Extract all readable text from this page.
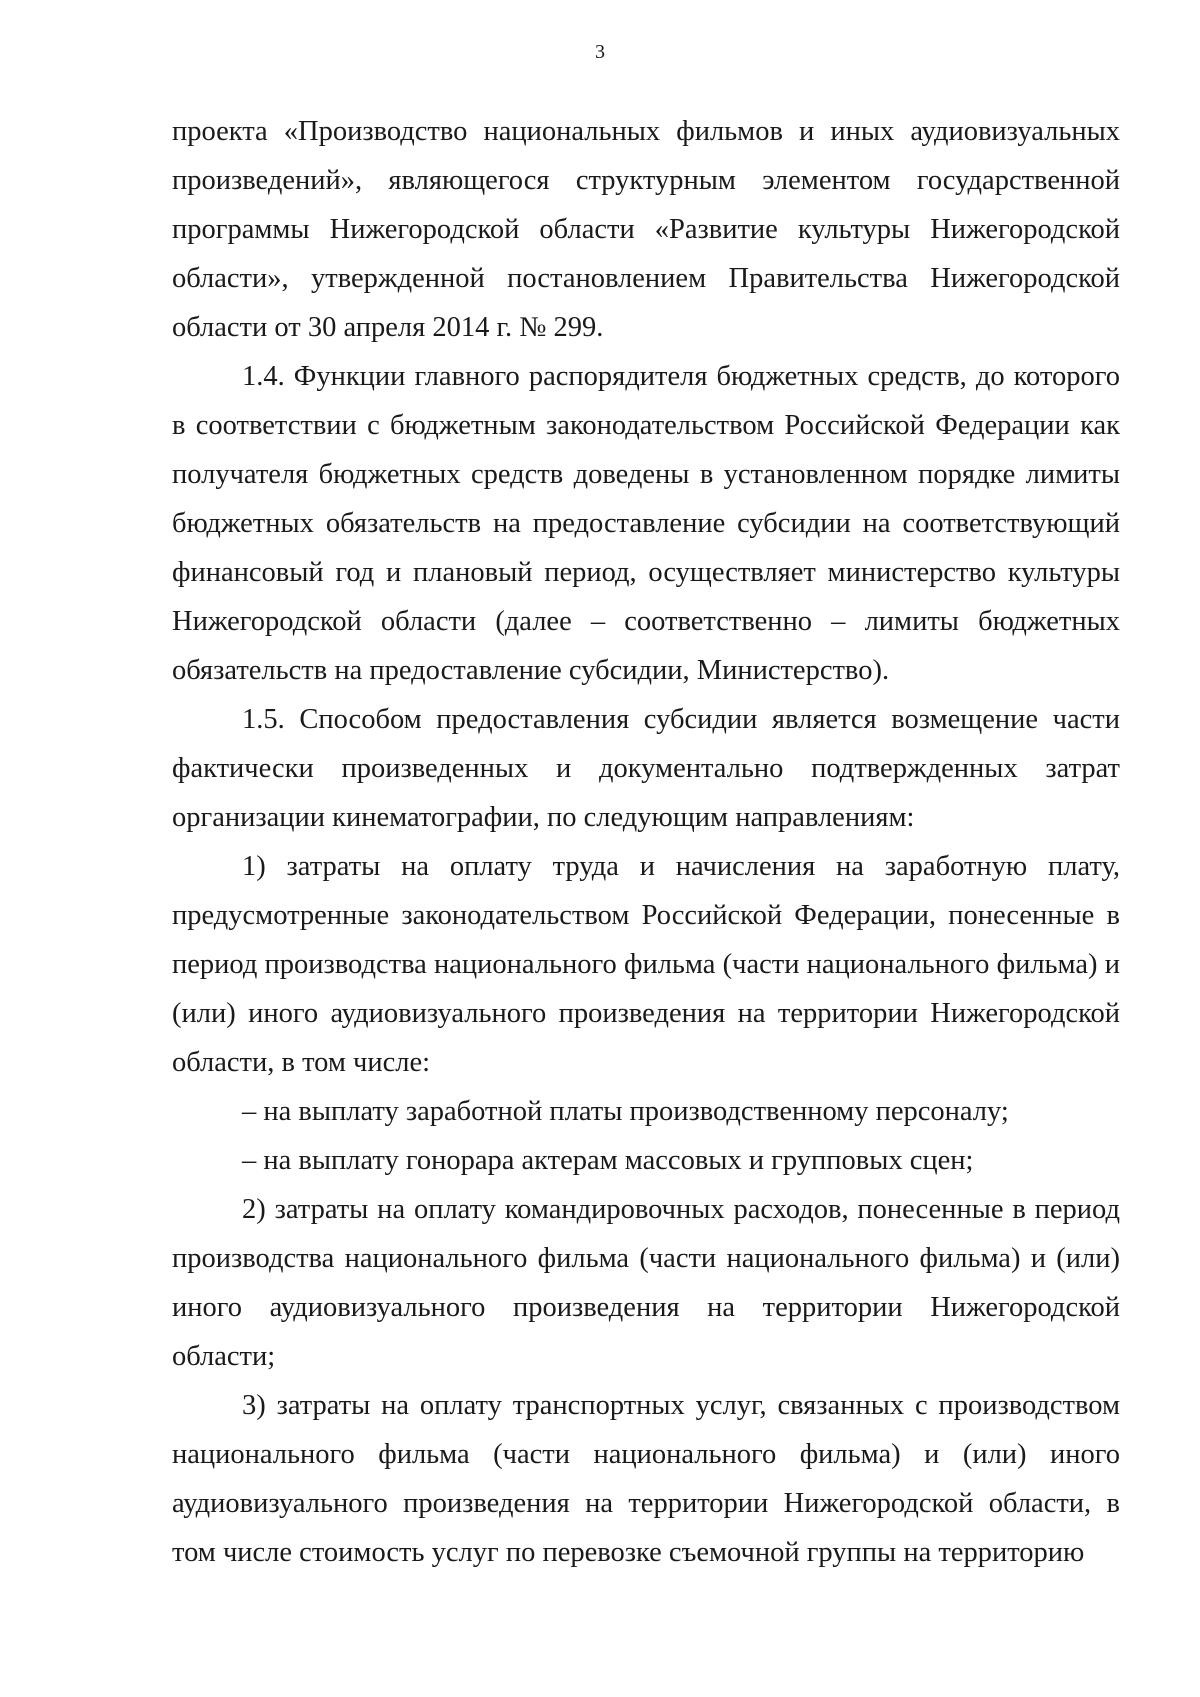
3

проекта «Производство национальных фильмов и иных аудиовизуальных произведений», являющегося структурным элементом государственной программы Нижегородской области «Развитие культуры Нижегородской области», утвержденной постановлением Правительства Нижегородской области от 30 апреля 2014 г. № 299.

1.4. Функции главного распорядителя бюджетных средств, до которого в соответствии с бюджетным законодательством Российской Федерации как получателя бюджетных средств доведены в установленном порядке лимиты бюджетных обязательств на предоставление субсидии на соответствующий финансовый год и плановый период, осуществляет министерство культуры Нижегородской области (далее – соответственно – лимиты бюджетных обязательств на предоставление субсидии, Министерство).

1.5. Способом предоставления субсидии является возмещение части фактически произведенных и документально подтвержденных затрат организации кинематографии, по следующим направлениям:

1) затраты на оплату труда и начисления на заработную плату, предусмотренные законодательством Российской Федерации, понесенные в период производства национального фильма (части национального фильма) и (или) иного аудиовизуального произведения на территории Нижегородской области, в том числе:

– на выплату заработной платы производственному персоналу;

– на выплату гонорара актерам массовых и групповых сцен;

2) затраты на оплату командировочных расходов, понесенные в период производства национального фильма (части национального фильма) и (или) иного аудиовизуального произведения на территории Нижегородской области;

3) затраты на оплату транспортных услуг, связанных с производством национального фильма (части национального фильма) и (или) иного аудиовизуального произведения на территории Нижегородской области, в том числе стоимость услуг по перевозке съемочной группы на территорию
